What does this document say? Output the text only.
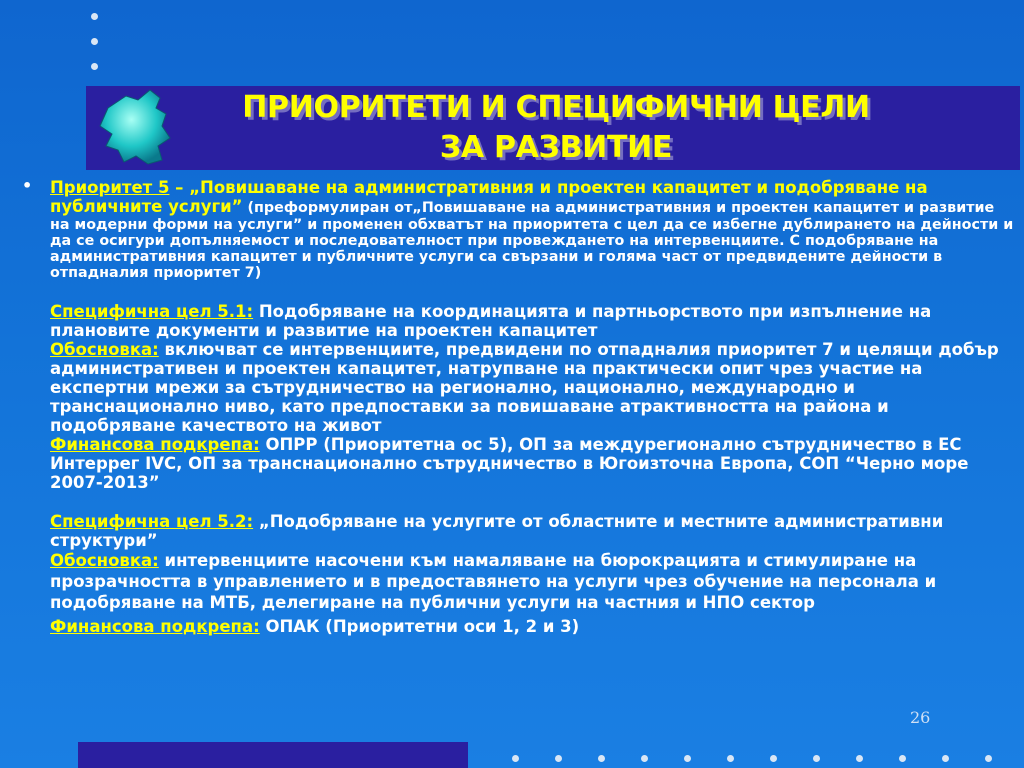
ПРИОРИТЕТИ И СПЕЦИФИЧНИ ЦЕЛИ
ЗА РАЗВИТИЕ
• Приоритет 5 – „Повишаване на административния и проектен капацитет и подобряване на публичните услуги” (преформулиран от„Повишаване на административния и проектен капацитет и развитие на модерни форми на услуги” и променен обхватът на приоритета с цел да се избегне дублирането на дейности и да се осигури допълняемост и последователност при провеждането на интервенциите. С подобряване на административния капацитет и публичните услуги са свързани и голяма част от предвидените дейности в отпадналия приоритет 7)
Специфична цел 5.1: Подобряване на координацията и партньорството при изпълнение на плановите документи и развитие на проектен капацитет
Обосновка: включват се интервенциите, предвидени по отпадналия приоритет 7 и целящи добър административен и проектен капацитет, натрупване на практически опит чрез участие на експертни мрежи за сътрудничество на регионално, национално, международно и транснационално ниво, като предпоставки за повишаване атрактивността на района и подобряване качеството на живот
Финансова подкрепа: ОПРР (Приоритетна ос 5), ОП за междурегионално сътрудничество в ЕС Интеррег IVC, ОП за транснационално сътрудничество в Югоизточна Европа, СОП “Черно море 2007-2013”
Специфична цел 5.2: „Подобряване на услугите от областните и местните административни структури”
Обосновка: интервенциите насочени към намаляване на бюрокрацията и стимулиране на прозрачността в управлението и в предоставянето на услуги чрез обучение на персонала и подобряване на МТБ, делегиране на публични услуги на частния и НПО сектор
Финансова подкрепа: ОПАК (Приоритетни оси 1, 2 и 3)
26
